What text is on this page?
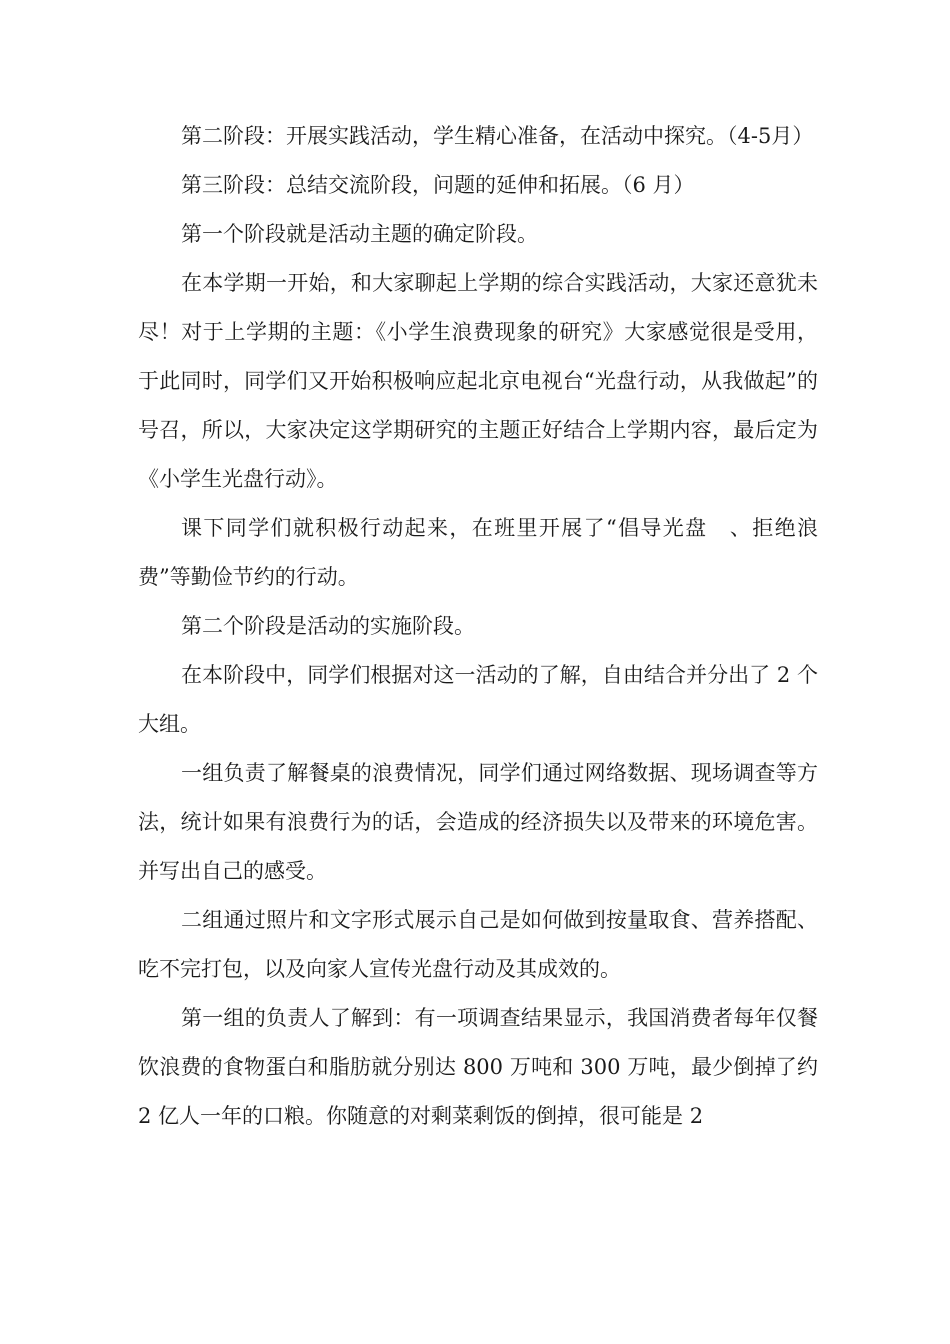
第二阶段：开展实践活动，学生精心准备，在活动中探究。（4-5月）

第三阶段：总结交流阶段，问题的延伸和拓展。（6 月）

第一个阶段就是活动主题的确定阶段。

在本学期一开始，和大家聊起上学期的综合实践活动，大家还意犹未尽！对于上学期的主题：《小学生浪费现象的研究》大家感觉很是受用，于此同时，同学们又开始积极响应起北京电视台“光盘行动，从我做起”的号召，所以，大家决定这学期研究的主题正好结合上学期内容，最后定为《小学生光盘行动》。

课下同学们就积极行动起来，在班里开展了“倡导光盘　、拒绝浪费”等勤俭节约的行动。

第二个阶段是活动的实施阶段。

在本阶段中，同学们根据对这一活动的了解，自由结合并分出了 2 个大组。

一组负责了解餐桌的浪费情况，同学们通过网络数据、现场调查等方法，统计如果有浪费行为的话，会造成的经济损失以及带来的环境危害。并写出自己的感受。

二组通过照片和文字形式展示自己是如何做到按量取食、营养搭配、吃不完打包，以及向家人宣传光盘行动及其成效的。

第一组的负责人了解到：有一项调查结果显示，我国消费者每年仅餐饮浪费的食物蛋白和脂肪就分别达 800 万吨和 300 万吨，最少倒掉了约 2 亿人一年的口粮。你随意的对剩菜剩饭的倒掉，很可能是 2
